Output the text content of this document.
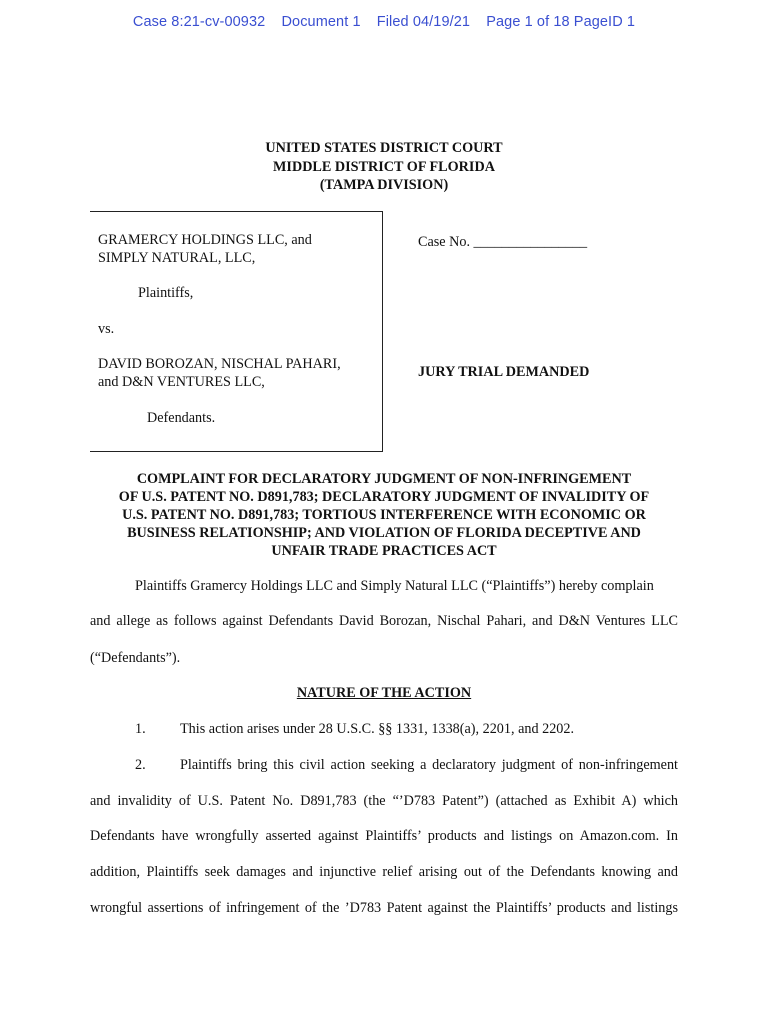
Case 8:21-cv-00932 Document 1 Filed 04/19/21 Page 1 of 18 PageID 1
UNITED STATES DISTRICT COURT
MIDDLE DISTRICT OF FLORIDA
(TAMPA DIVISION)
GRAMERCY HOLDINGS LLC, and
SIMPLY NATURAL, LLC,
Plaintiffs,
vs.
DAVID BOROZAN, NISCHAL PAHARI,
and D&N VENTURES LLC,
Defendants.
Case No. ________________
JURY TRIAL DEMANDED
COMPLAINT FOR DECLARATORY JUDGMENT OF NON-INFRINGEMENT
OF U.S. PATENT NO. D891,783; DECLARATORY JUDGMENT OF INVALIDITY OF
U.S. PATENT NO. D891,783; TORTIOUS INTERFERENCE WITH ECONOMIC OR
BUSINESS RELATIONSHIP; AND VIOLATION OF FLORIDA DECEPTIVE AND
UNFAIR TRADE PRACTICES ACT
Plaintiffs Gramercy Holdings LLC and Simply Natural LLC (“Plaintiffs”) hereby complain
and allege as follows against Defendants David Borozan, Nischal Pahari, and D&N Ventures LLC
(“Defendants”).
NATURE OF THE ACTION
1. This action arises under 28 U.S.C. §§ 1331, 1338(a), 2201, and 2202.
2. Plaintiffs bring this civil action seeking a declaratory judgment of non-infringement
and invalidity of U.S. Patent No. D891,783 (the “’D783 Patent”) (attached as Exhibit A) which
Defendants have wrongfully asserted against Plaintiffs’ products and listings on Amazon.com. In
addition, Plaintiffs seek damages and injunctive relief arising out of the Defendants knowing and
wrongful assertions of infringement of the ’D783 Patent against the Plaintiffs’ products and listings
